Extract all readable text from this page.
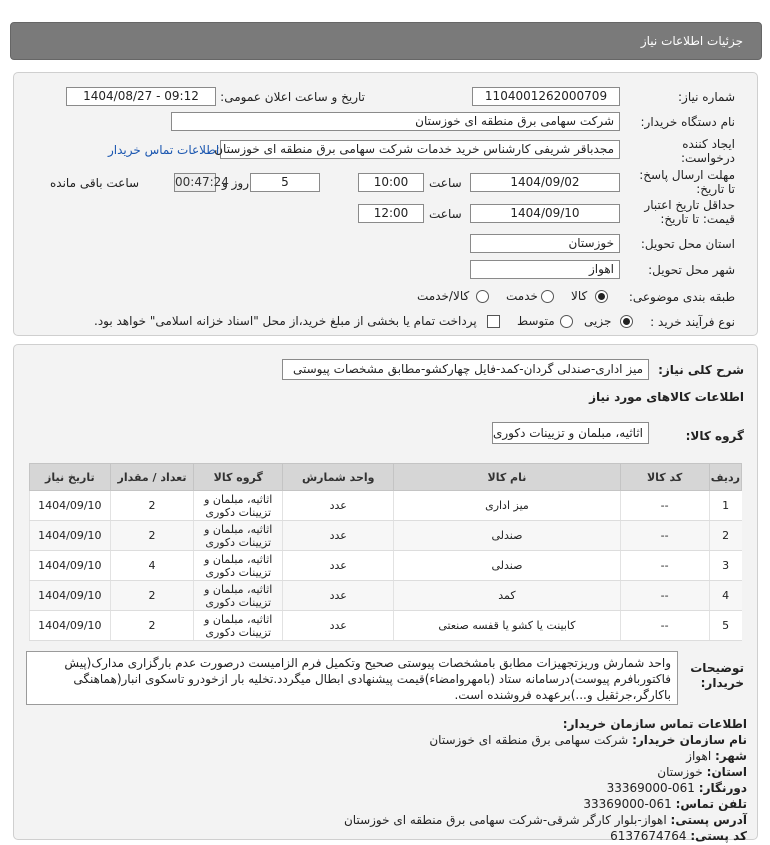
جزئیات اطلاعات نیاز
شماره نیاز:
1104001262000709
تاریخ و ساعت اعلان عمومی:
1404/08/27 - 09:12
نام دستگاه خریدار:
شرکت سهامی برق منطقه ای خوزستان
ایجاد کننده
درخواست:
مجدباقر شریفی کارشناس خرید خدمات شرکت سهامی برق منطقه ای خوزستان
اطلاعات تماس خریدار
مهلت ارسال پاسخ:
تا تاریخ:
1404/09/02
ساعت
10:00
5
روز و
00:47:24
ساعت باقی مانده
حداقل تاریخ اعتبار
قیمت: تا تاریخ:
1404/09/10
ساعت
12:00
استان محل تحویل:
خوزستان
شهر محل تحویل:
اهواز
طبقه بندی موضوعی:
کالا
خدمت
کالا/خدمت
نوع فرآیند خرید :
جزیی
متوسط
پرداخت تمام یا بخشی از مبلغ خرید،از محل "اسناد خزانه اسلامی" خواهد بود.
شرح کلی نیاز:
میز اداری-صندلی گردان-کمد-فایل چهارکشو-مطابق مشخصات پیوستی
اطلاعات کالاهای مورد نیاز
گروه کالا:
اثاثیه، مبلمان و تزیینات دکوری
ردیف	کد کالا	نام کالا	واحد شمارش	گروه کالا	تعداد / مقدار	تاریخ نیاز
1	--	میز اداری	عدد	اثاثیه، مبلمان و تزیینات دکوری	2	1404/09/10
2	--	صندلی	عدد	اثاثیه، مبلمان و تزیینات دکوری	2	1404/09/10
3	--	صندلی	عدد	اثاثیه، مبلمان و تزیینات دکوری	4	1404/09/10
4	--	کمد	عدد	اثاثیه، مبلمان و تزیینات دکوری	2	1404/09/10
5	--	کابینت یا کشو یا قفسه صنعتی	عدد	اثاثیه، مبلمان و تزیینات دکوری	2	1404/09/10
توضیحات
خریدار:
واحد شمارش وریزتجهیزات مطابق بامشخصات پیوستی صحیح وتکمیل فرم الزامیست درصورت عدم بارگزاری مدارک(پیش فاکتوربافرم پیوست)درسامانه ستاد (بامهروامضاء)قیمت پیشنهادی ابطال میگردد.تخلیه بار ازخودرو تاسکوی انبار(هماهنگی باکارگر،جرثقیل و...)برعهده فروشنده است.
اطلاعات تماس سازمان خریدار:
نام سازمان خریدار: شرکت سهامی برق منطقه ای خوزستان
شهر: اهواز
استان: خوزستان
دورنگار: 061-33369000
تلفن تماس: 061-33369000
آدرس پستی: اهواز-بلوار کارگر شرقی-شرکت سهامی برق منطقه ای خوزستان
کد پستی: 6137674764
